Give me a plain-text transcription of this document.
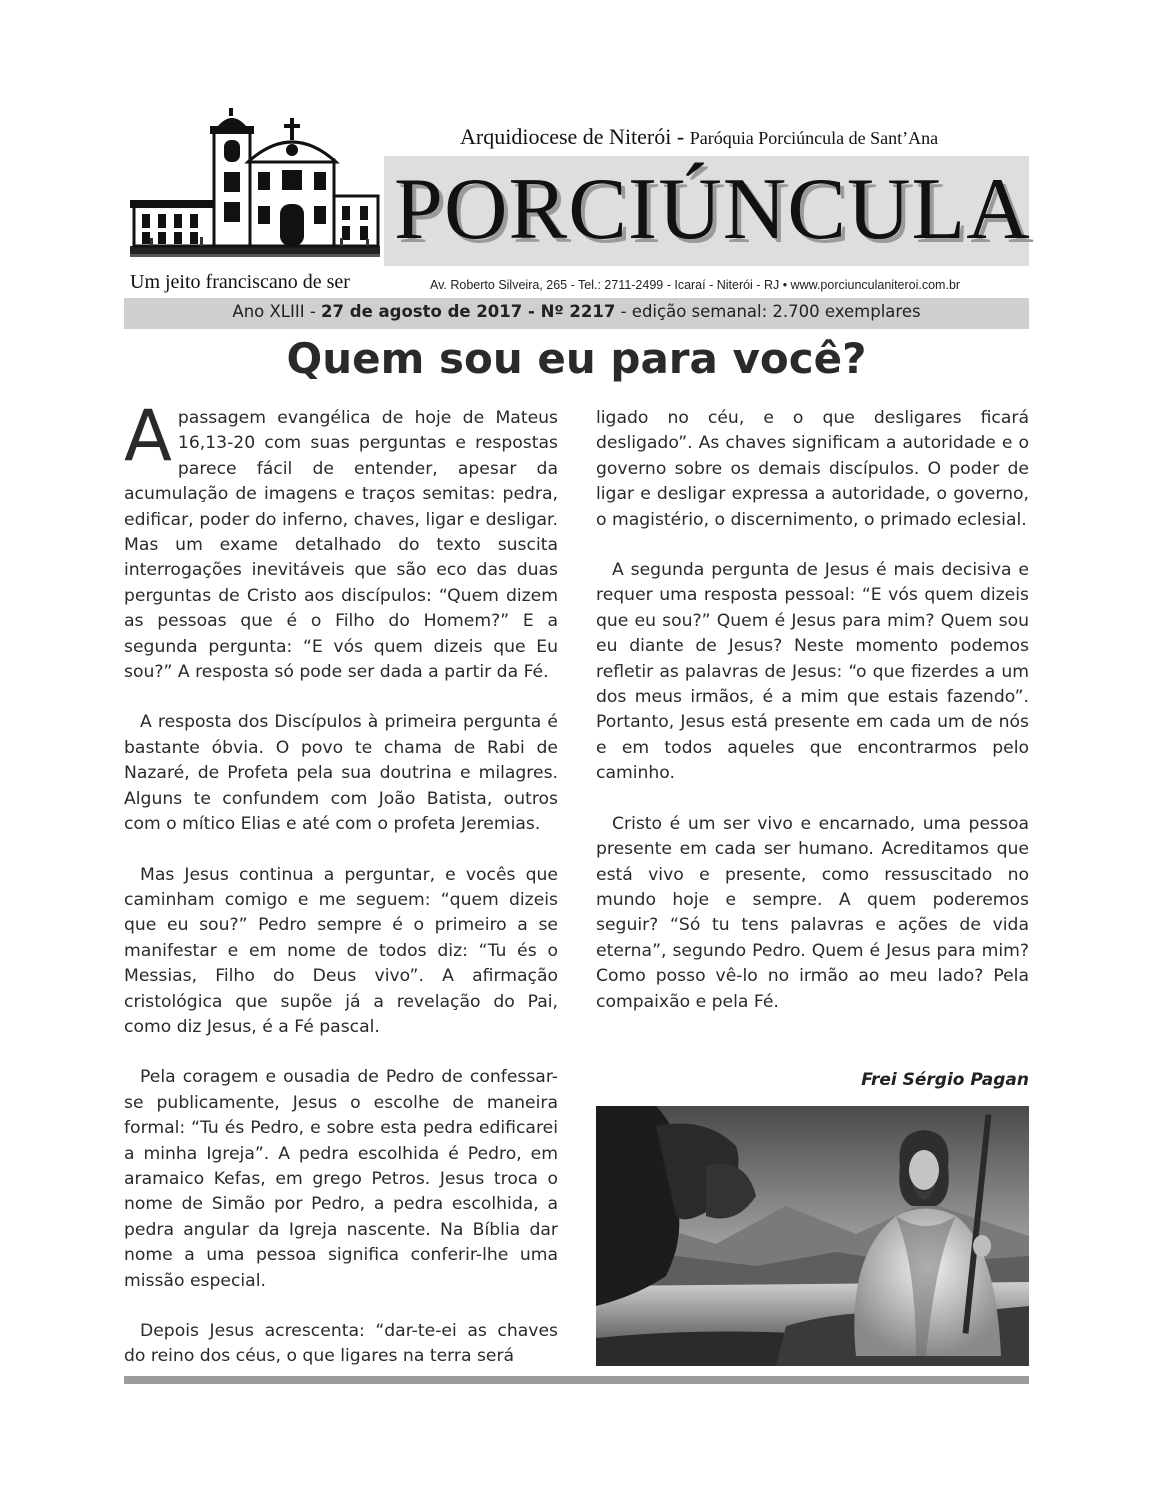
Um jeito franciscano de ser
Arquidiocese de Niterói - Paróquia Porciúncula de Sant’Ana
PORCIÚNCULA
Av. Roberto Silveira, 265 - Tel.: 2711-2499 - Icaraí - Niterói - RJ • www.porciunculaniteroi.com.br
Ano XLIII - 27 de agosto de 2017 - Nº 2217 - edição semanal: 2.700 exemplares
Quem sou eu para você?

Apassagem evangélica de hoje de Mateus 16,13-20 com suas perguntas e respostas parece fácil de entender, apesar da acumulação de imagens e traços semitas: pedra, edificar, poder do inferno, chaves, ligar e desligar. Mas um exame detalhado do texto suscita interrogações inevitáveis que são eco das duas perguntas de Cristo aos discípulos: “Quem dizem as pessoas que é o Filho do Homem?” E a segunda pergunta: “E vós quem dizeis que Eu sou?” A resposta só pode ser dada a partir da Fé.

A resposta dos Discípulos à primeira pergunta é bastante óbvia. O povo te chama de Rabi de Nazaré, de Profeta pela sua doutrina e milagres. Alguns te confundem com João Batista, outros com o mítico Elias e até com o profeta Jeremias.

Mas Jesus continua a perguntar, e vocês que caminham comigo e me seguem: “quem dizeis que eu sou?” Pedro sempre é o primeiro a se manifestar e em nome de todos diz: “Tu és o Messias, Filho do Deus vivo”. A afirmação cristológica que supõe já a revelação do Pai, como diz Jesus, é a Fé pascal.

Pela coragem e ousadia de Pedro de confessar-se publicamente, Jesus o escolhe de maneira formal: “Tu és Pedro, e sobre esta pedra edificarei a minha Igreja”. A pedra escolhida é Pedro, em aramaico Kefas, em grego Petros. Jesus troca o nome de Simão por Pedro, a pedra escolhida, a pedra angular da Igreja nascente. Na Bíblia dar nome a uma pessoa significa conferir-lhe uma missão especial.

Depois Jesus acrescenta: “dar-te-ei as chaves do reino dos céus, o que ligares na terra será

ligado no céu, e o que desligares ficará desligado”. As chaves significam a autoridade e o governo sobre os demais discípulos. O poder de ligar e desligar expressa a autoridade, o governo, o magistério, o discernimento, o primado eclesial.

A segunda pergunta de Jesus é mais decisiva e requer uma resposta pessoal: “E vós quem dizeis que eu sou?” Quem é Jesus para mim? Quem sou eu diante de Jesus? Neste momento podemos refletir as palavras de Jesus: “o que fizerdes a um dos meus irmãos, é a mim que estais fazendo”. Portanto, Jesus está presente em cada um de nós e em todos aqueles que encontrarmos pelo caminho.

Cristo é um ser vivo e encarnado, uma pessoa presente em cada ser humano. Acreditamos que está vivo e presente, como ressuscitado no mundo hoje e sempre. A quem poderemos seguir? “Só tu tens palavras e ações de vida eterna”, segundo Pedro. Quem é Jesus para mim? Como posso vê-lo no irmão ao meu lado? Pela compaixão e pela Fé.

Frei Sérgio Pagan
